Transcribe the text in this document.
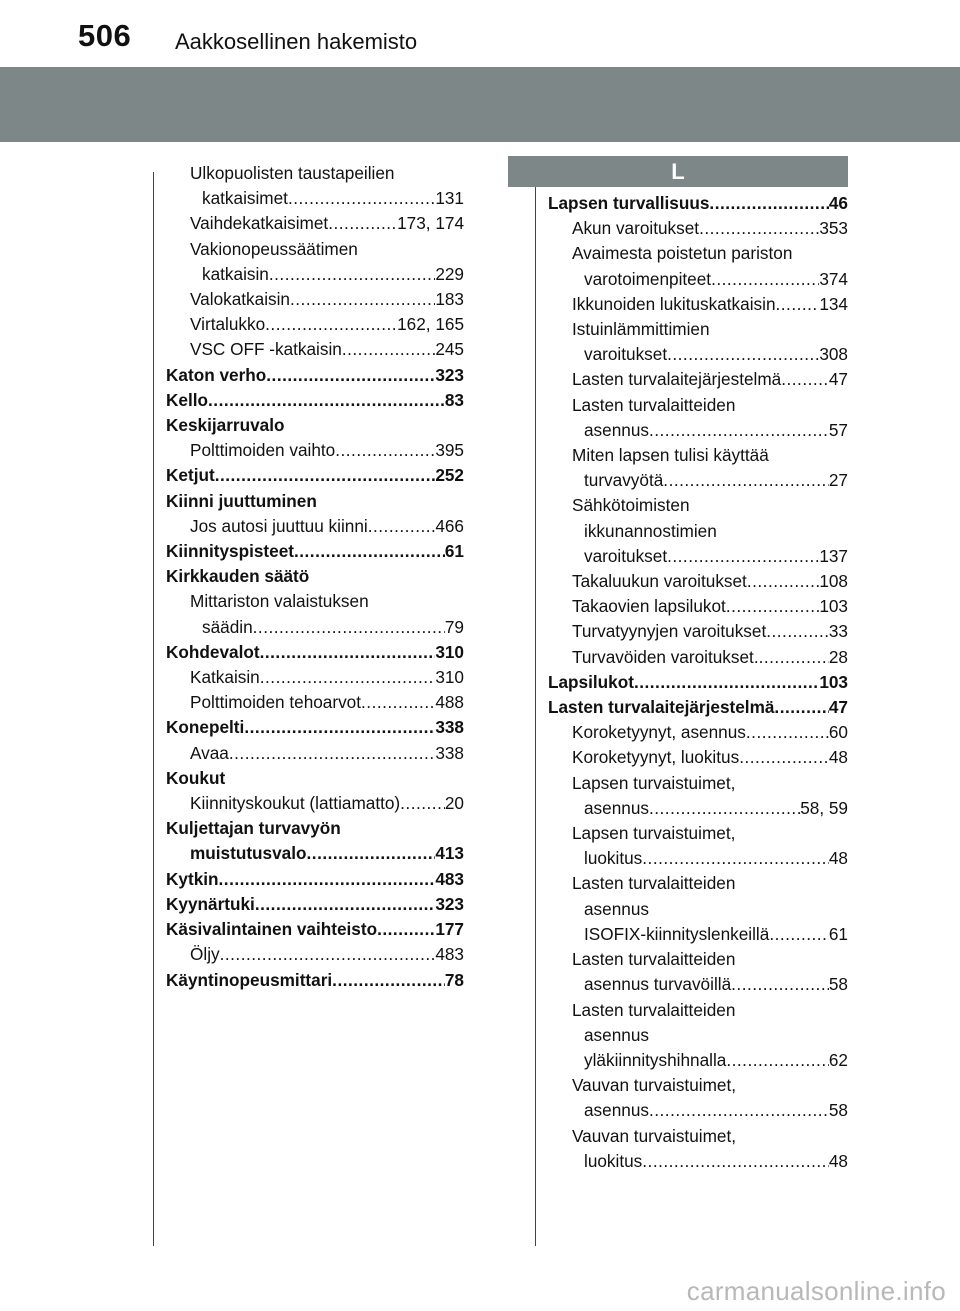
506 Aakkosellinen hakemisto
Ulkopuolisten taustapeilien
katkaisimet .....	131
Vaihdekatkaisimet .....	173, 174
Vakionopeussäätimen
katkaisin .....	229
Valokatkaisin .....	183
Virtalukko .....	162, 165
VSC OFF -katkaisin .....	245
Katon verho .....	323
Kello .....	83
Keskijarruvalo
Polttimoiden vaihto .....	395
Ketjut .....	252
Kiinni juuttuminen
Jos autosi juuttuu kiinni .....	466
Kiinnityspisteet .....	61
Kirkkauden säätö
Mittariston valaistuksen
säädin .....	79
Kohdevalot .....	310
Katkaisin .....	310
Polttimoiden tehoarvot .....	488
Konepelti .....	338
Avaa .....	338
Koukut
Kiinnityskoukut (lattiamatto) .....	20
Kuljettajan turvavyön
muistutusvalo .....	413
Kytkin .....	483
Kyynärtuki .....	323
Käsivalintainen vaihteisto .....	177
Öljy .....	483
Käyntinopeusmittari .....	78
L
Lapsen turvallisuus .....	46
Akun varoitukset .....	353
Avaimesta poistetun pariston
varotoimenpiteet .....	374
Ikkunoiden lukituskatkaisin .....	134
Istuinlämmittimien
varoitukset .....	308
Lasten turvalaitejärjestelmä .....	47
Lasten turvalaitteiden
asennus .....	57
Miten lapsen tulisi käyttää
turvavyötä .....	27
Sähkötoimisten
ikkunannostimien
varoitukset .....	137
Takaluukun varoitukset .....	108
Takaovien lapsilukot .....	103
Turvatyynyjen varoitukset .....	33
Turvavöiden varoitukset. .....	28
Lapsilukot .....	103
Lasten turvalaitejärjestelmä .....	47
Koroketyynyt, asennus .....	60
Koroketyynyt, luokitus .....	48
Lapsen turvaistuimet,
asennus .....	58, 59
Lapsen turvaistuimet,
luokitus .....	48
Lasten turvalaitteiden
asennus
ISOFIX-kiinnityslenkeillä .....	61
Lasten turvalaitteiden
asennus turvavöillä .....	58
Lasten turvalaitteiden
asennus
yläkiinnityshihnalla .....	62
Vauvan turvaistuimet,
asennus .....	58
Vauvan turvaistuimet,
luokitus .....	48
carmanualsonline.info
